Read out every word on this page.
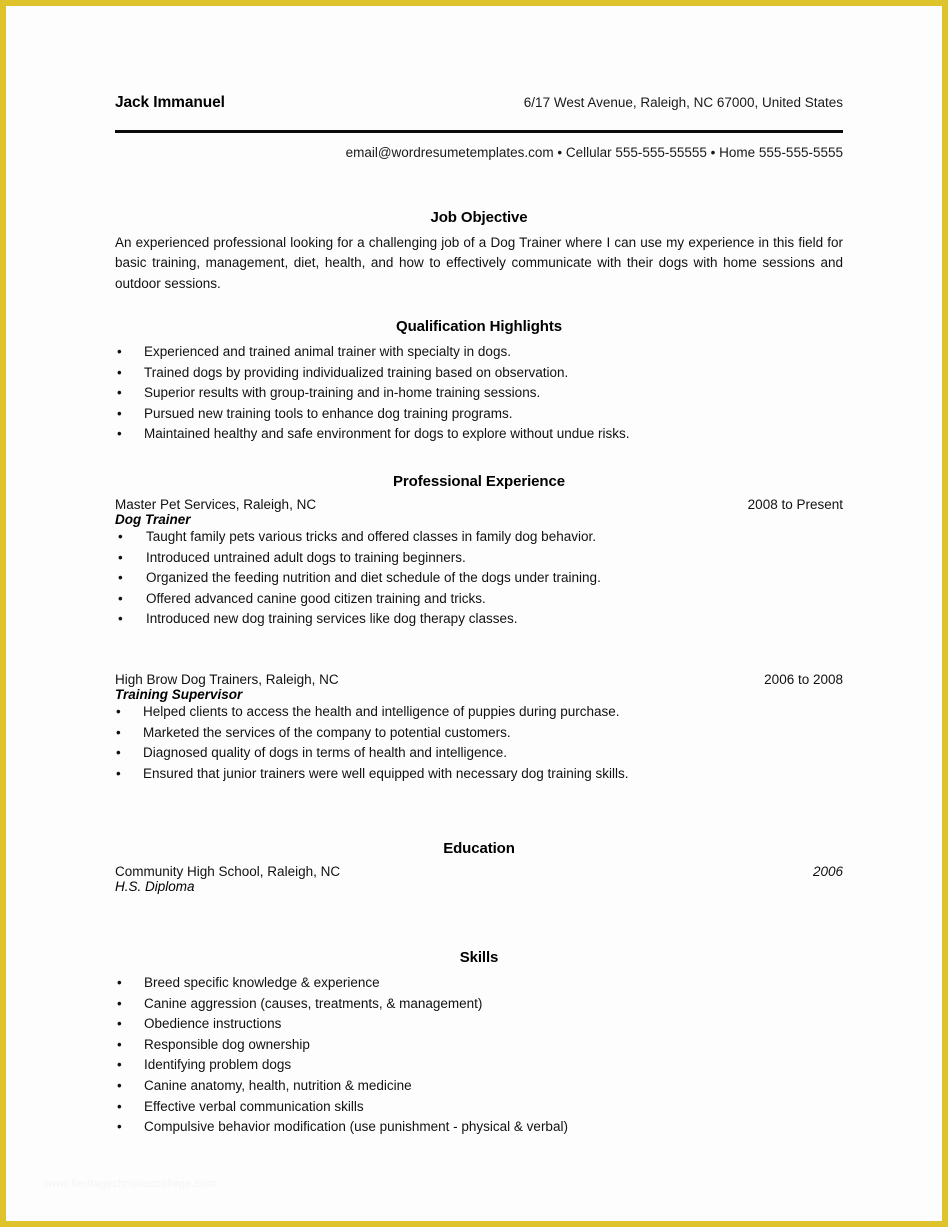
Jack Immanuel	6/17 West Avenue, Raleigh, NC 67000, United States
email@wordresumetemplates.com • Cellular 555-555-55555 • Home 555-555-5555
Job Objective

An experienced professional looking for a challenging job of a Dog Trainer where I can use my experience in this field for basic training, management, diet, health, and how to effectively communicate with their dogs with home sessions and outdoor sessions.

Qualification Highlights
• Experienced and trained animal trainer with specialty in dogs.
• Trained dogs by providing individualized training based on observation.
• Superior results with group-training and in-home training sessions.
• Pursued new training tools to enhance dog training programs.
• Maintained healthy and safe environment for dogs to explore without undue risks.
Professional Experience
Master Pet Services, Raleigh, NC	2008 to Present
Dog Trainer
• Taught family pets various tricks and offered classes in family dog behavior.
• Introduced untrained adult dogs to training beginners.
• Organized the feeding nutrition and diet schedule of the dogs under training.
• Offered advanced canine good citizen training and tricks.
• Introduced new dog training services like dog therapy classes.
High Brow Dog Trainers, Raleigh, NC	2006 to 2008
Training Supervisor
• Helped clients to access the health and intelligence of puppies during purchase.
• Marketed the services of the company to potential customers.
• Diagnosed quality of dogs in terms of health and intelligence.
• Ensured that junior trainers were well equipped with necessary dog training skills.
Education
Community High School, Raleigh, NC	2006
H.S. Diploma
Skills
• Breed specific knowledge & experience
• Canine aggression (causes, treatments, & management)
• Obedience instructions
• Responsible dog ownership
• Identifying problem dogs
• Canine anatomy, health, nutrition & medicine
• Effective verbal communication skills
• Compulsive behavior modification (use punishment - physical & verbal)
www.heritagechristiancollege.com
